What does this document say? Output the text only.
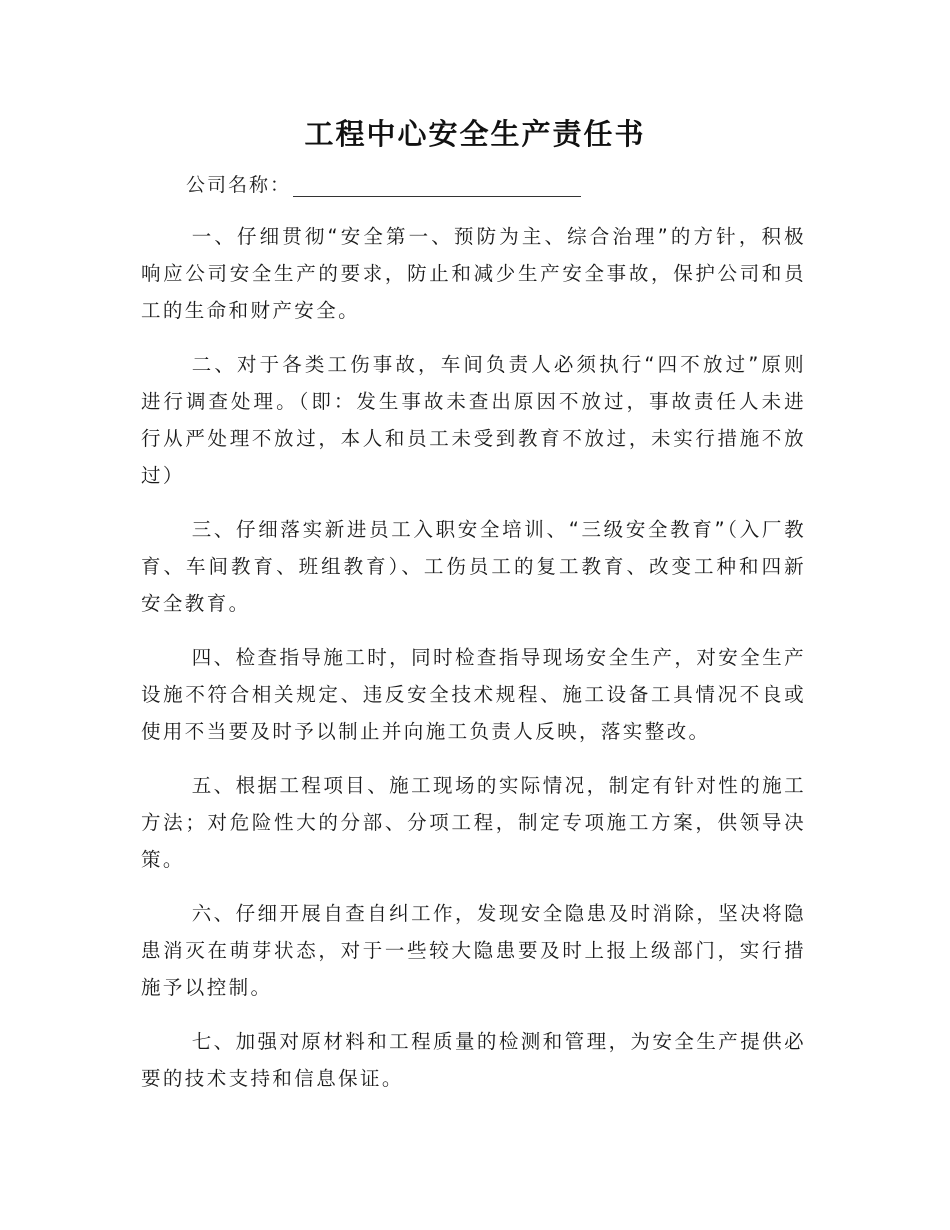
工程中心安全生产责任书
公司名称：

一、仔细贯彻“安全第一、预防为主、综合治理”的方针，积极响应公司安全生产的要求，防止和减少生产安全事故，保护公司和员工的生命和财产安全。

二、对于各类工伤事故，车间负责人必须执行“四不放过”原则进行调查处理。（即：发生事故未查出原因不放过，事故责任人未进行从严处理不放过，本人和员工未受到教育不放过，未实行措施不放过）

三、仔细落实新进员工入职安全培训、“三级安全教育”（入厂教育、车间教育、班组教育）、工伤员工的复工教育、改变工种和四新安全教育。

四、检查指导施工时，同时检查指导现场安全生产，对安全生产设施不符合相关规定、违反安全技术规程、施工设备工具情况不良或使用不当要及时予以制止并向施工负责人反映，落实整改。

五、根据工程项目、施工现场的实际情况，制定有针对性的施工方法；对危险性大的分部、分项工程，制定专项施工方案，供领导决策。

六、仔细开展自查自纠工作，发现安全隐患及时消除，坚决将隐患消灭在萌芽状态，对于一些较大隐患要及时上报上级部门，实行措施予以控制。

七、加强对原材料和工程质量的检测和管理，为安全生产提供必要的技术支持和信息保证。
